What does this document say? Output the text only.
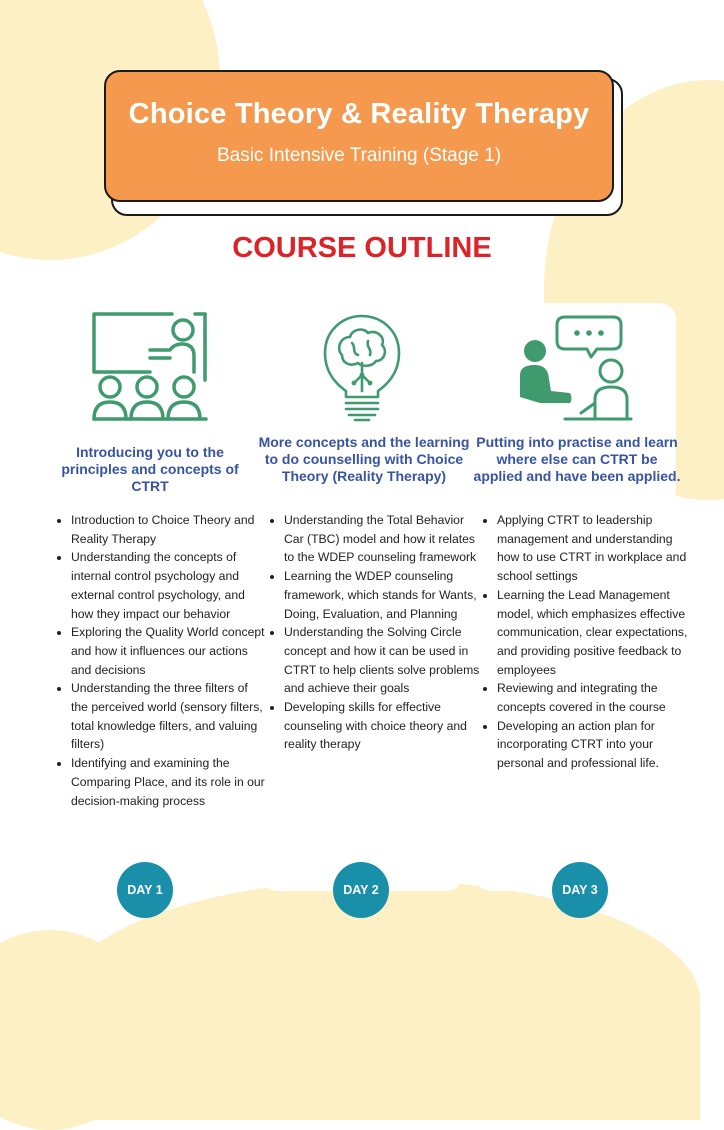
Choice Theory & Reality Therapy
Basic Intensive Training (Stage 1)
COURSE OUTLINE
Introducing you to the principles and concepts of CTRT
More concepts and the learning to do counselling with Choice Theory (Reality Therapy)
Putting into practise and learn where else can CTRT be applied and have been applied.
• Introduction to Choice Theory and Reality Therapy
• Understanding the concepts of internal control psychology and external control psychology, and how they impact our behavior
• Exploring the Quality World concept and how it influences our actions and decisions
• Understanding the three filters of the perceived world (sensory filters, total knowledge filters, and valuing filters)
• Identifying and examining the Comparing Place, and its role in our decision-making process
• Understanding the Total Behavior Car (TBC) model and how it relates to the WDEP counseling framework
• Learning the WDEP counseling framework, which stands for Wants, Doing, Evaluation, and Planning
• Understanding the Solving Circle concept and how it can be used in CTRT to help clients solve problems and achieve their goals
• Developing skills for effective counseling with choice theory and reality therapy
• Applying CTRT to leadership management and understanding how to use CTRT in workplace and school settings
• Learning the Lead Management model, which emphasizes effective communication, clear expectations, and providing positive feedback to employees
• Reviewing and integrating the concepts covered in the course
• Developing an action plan for incorporating CTRT into your personal and professional life.
DAY 1	DAY 2	DAY 3
